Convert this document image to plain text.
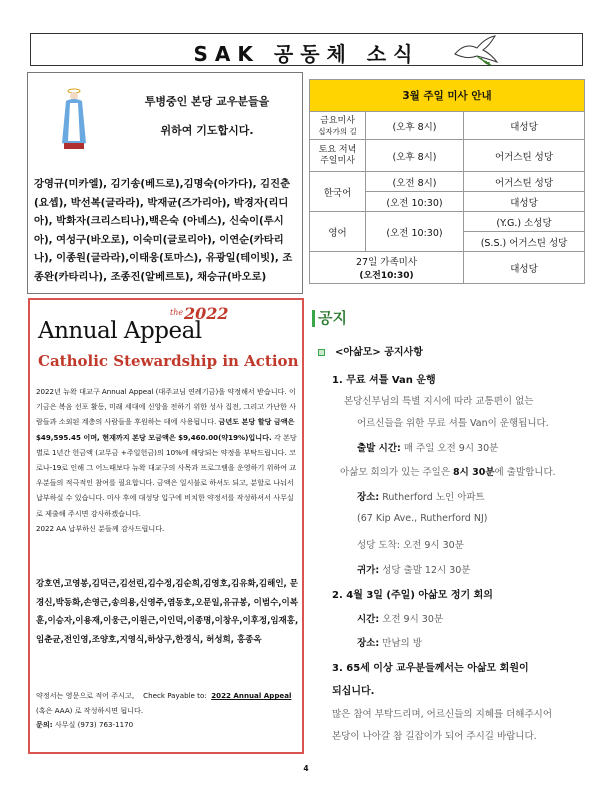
SAK 공동체 소식
투병중인 본당 교우분들을
위하여 기도합시다.
강영규(미카엘), 김기송(베드로),김명숙(아가다), 김진춘(요셉), 박선복(글라라), 박재균(즈가리아), 박경자(리디아), 박화자(크리스티나),백은숙 (아녜스), 신숙이(루시아), 여성구(바오로), 이숙미(글로리아), 이연순(카타리나), 이종원(글라라),이태웅(토마스), 유광일(테이빗), 조종완(카타리나), 조종진(알베르토), 채승규(바오로)
3월 주일 미사 안내		
금요미사
십자가의 길	(오후 8시)	대성당

토요 저녁
주일미사	(오후 8시)	어거스틴 성당
한국어	(오전 8시)	어거스틴 성당
	(오전 10:30)	대성당
영어	(오전 10:30)	(Y.G.) 소성당
		(S.S.) 어거스틴 성당

27일 가족미사
(오전10:30)		대성당
the 2022
Annual Appeal
Catholic Stewardship in Action
2022년 뉴왁 대교구 Annual Appeal (대주교님 연례기금)을 약정해서 받습니다. 이 기금은 복음 선포 활동, 미래 세대에 신앙을 전하기 위한 성사 집전, 그리고 가난한 사람들과 소외된 계층의 사람들을 후원하는 데에 사용됩니다. 금년도 본당 할당 금액은 $49,595.45 이며, 현재까지 본당 모금액은 $9,460.00(약19%)입니다. 각 본당 별로 1년간 헌금액 (교무금 +주일헌금)의 10%에 해당되는 약정을 부탁드립니다. 코로나-19로 인해 그 어느때보다 뉴왁 대교구의 사목과 프로그램을 운영하기 위하여 교우분들의 적극적인 참여를 필요합니다. 금액은 일시불로 하셔도 되고, 분할로 나눠서 납부하실 수 있습니다. 미사 후에 대성당 입구에 비치한 약정서를 작성하셔서 사무실로 제출해 주시면 감사하겠습니다.
2022 AA 납부하신 분들께 감사드립니다.
강호연,고영봉,김덕근,김선린,김수정,김순희,김영호,김유화,김해인, 문경신,박동화,손영근,송의용,신영주,염동호,오문일,유규봉, 이범수,이복훈,이승자,이용재,이웅근,이원근,이인덕,이종명,이창우,이후정,임재홍,임춘균,전인영,조양호,지영식,하상구,한경식, 허성희, 홍종옥
약정서는 영문으로 적어 주시고, Check Payable to: 2022 Annual Appeal (혹은 AAA) 로 작성하시면 됩니다.
문의: 사무실 (973) 763-1170
공지
<아삶모> 공지사항
1. 무료 셔틀 Van 운행
본당신부님의 특별 지시에 따라 교통편이 없는
어르신들을 위한 무료 셔틀 Van이 운행됩니다.
출발 시간: 매 주일 오전 9시 30분
아삶모 회의가 있는 주일은 8시 30분에 출발합니다.
장소: Rutherford 노인 아파트
(67 Kip Ave., Rutherford NJ)
성당 도착: 오전 9시 30분
귀가: 성당 출발 12시 30분
2. 4월 3일 (주일) 아삶모 정기 회의
시간: 오전 9시 30분
장소: 만남의 방
3. 65세 이상 교우분들께서는 아삶모 회원이
되십니다.
많은 참여 부탁드리며, 어르신들의 지혜를 더해주시어
본당이 나아갈 참 길잡이가 되어 주시길 바랍니다.
4
